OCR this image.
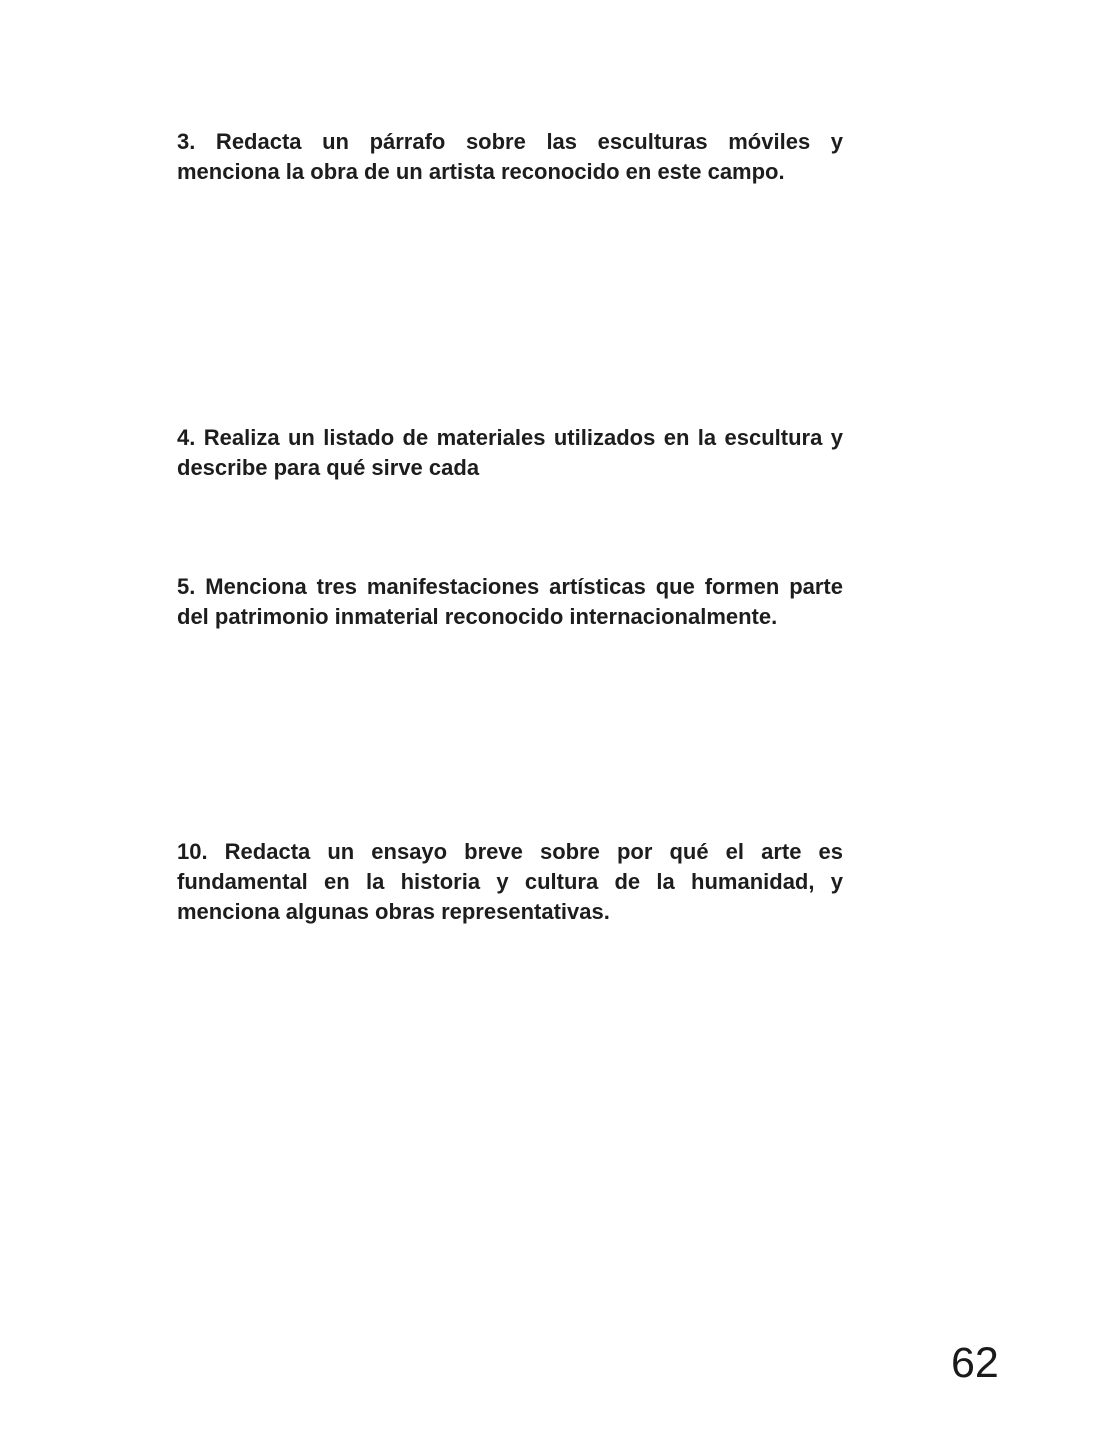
3. Redacta un párrafo sobre las esculturas móviles y

menciona la obra de un artista reconocido en este campo.

4. Realiza un listado de materiales utilizados en la escultura y

describe para qué sirve cada

5. Menciona tres manifestaciones artísticas que formen parte

del patrimonio inmaterial reconocido internacionalmente.

10. Redacta un ensayo breve sobre por qué el arte es

fundamental en la historia y cultura de la humanidad, y

menciona algunas obras representativas.

62
